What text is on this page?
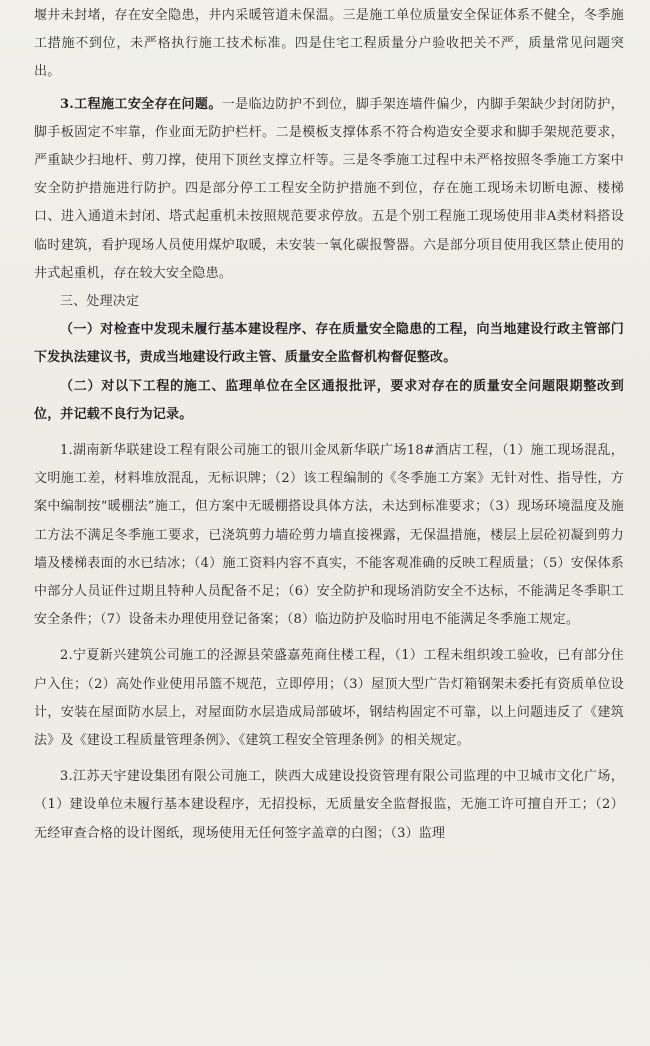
堰井未封堵，存在安全隐患，井内采暖管道未保温。三是施工单位质量安全保证体系不健全，冬季施工措施不到位，未严格执行施工技术标准。四是住宅工程质量分户验收把关不严，质量常见问题突出。

3.工程施工安全存在问题。一是临边防护不到位，脚手架连墙件偏少，内脚手架缺少封闭防护，脚手板固定不牢靠，作业面无防护栏杆。二是模板支撑体系不符合构造安全要求和脚手架规范要求，严重缺少扫地杆、剪刀撑，使用下顶丝支撑立杆等。三是冬季施工过程中未严格按照冬季施工方案中安全防护措施进行防护。四是部分停工工程安全防护措施不到位，存在施工现场未切断电源、楼梯口、进入通道未封闭、塔式起重机未按照规范要求停放。五是个别工程施工现场使用非A类材料搭设临时建筑，看护现场人员使用煤炉取暖，未安装一氧化碳报警器。六是部分项目使用我区禁止使用的井式起重机，存在较大安全隐患。

三、处理决定

（一）对检查中发现未履行基本建设程序、存在质量安全隐患的工程，向当地建设行政主管部门下发执法建议书，责成当地建设行政主管、质量安全监督机构督促整改。

（二）对以下工程的施工、监理单位在全区通报批评，要求对存在的质量安全问题限期整改到位，并记载不良行为记录。

1.湖南新华联建设工程有限公司施工的银川金凤新华联广场18#酒店工程，（1）施工现场混乱，文明施工差，材料堆放混乱，无标识牌；（2）该工程编制的《冬季施工方案》无针对性、指导性，方案中编制按“暖棚法”施工，但方案中无暖棚搭设具体方法，未达到标准要求；（3）现场环境温度及施工方法不满足冬季施工要求，已浇筑剪力墙砼剪力墙直接裸露，无保温措施，楼层上层砼初凝到剪力墙及楼梯表面的水已结冰；（4）施工资料内容不真实，不能客观准确的反映工程质量；（5）安保体系中部分人员证件过期且特种人员配备不足；（6）安全防护和现场消防安全不达标，不能满足冬季职工安全条件；（7）设备未办理使用登记备案；（8）临边防护及临时用电不能满足冬季施工规定。

2.宁夏新兴建筑公司施工的泾源县荣盛嘉苑商住楼工程，（1）工程未组织竣工验收，已有部分住户入住；（2）高处作业使用吊篮不规范，立即停用；（3）屋顶大型广告灯箱钢架未委托有资质单位设计，安装在屋面防水层上，对屋面防水层造成局部破坏，钢结构固定不可靠，以上问题违反了《建筑法》及《建设工程质量管理条例》、《建筑工程安全管理条例》的相关规定。

3.江苏天宇建设集团有限公司施工，陕西大成建设投资管理有限公司监理的中卫城市文化广场，（1）建设单位未履行基本建设程序，无招投标，无质量安全监督报监，无施工许可擅自开工；（2）无经审查合格的设计图纸，现场使用无任何签字盖章的白图；（3）监理
